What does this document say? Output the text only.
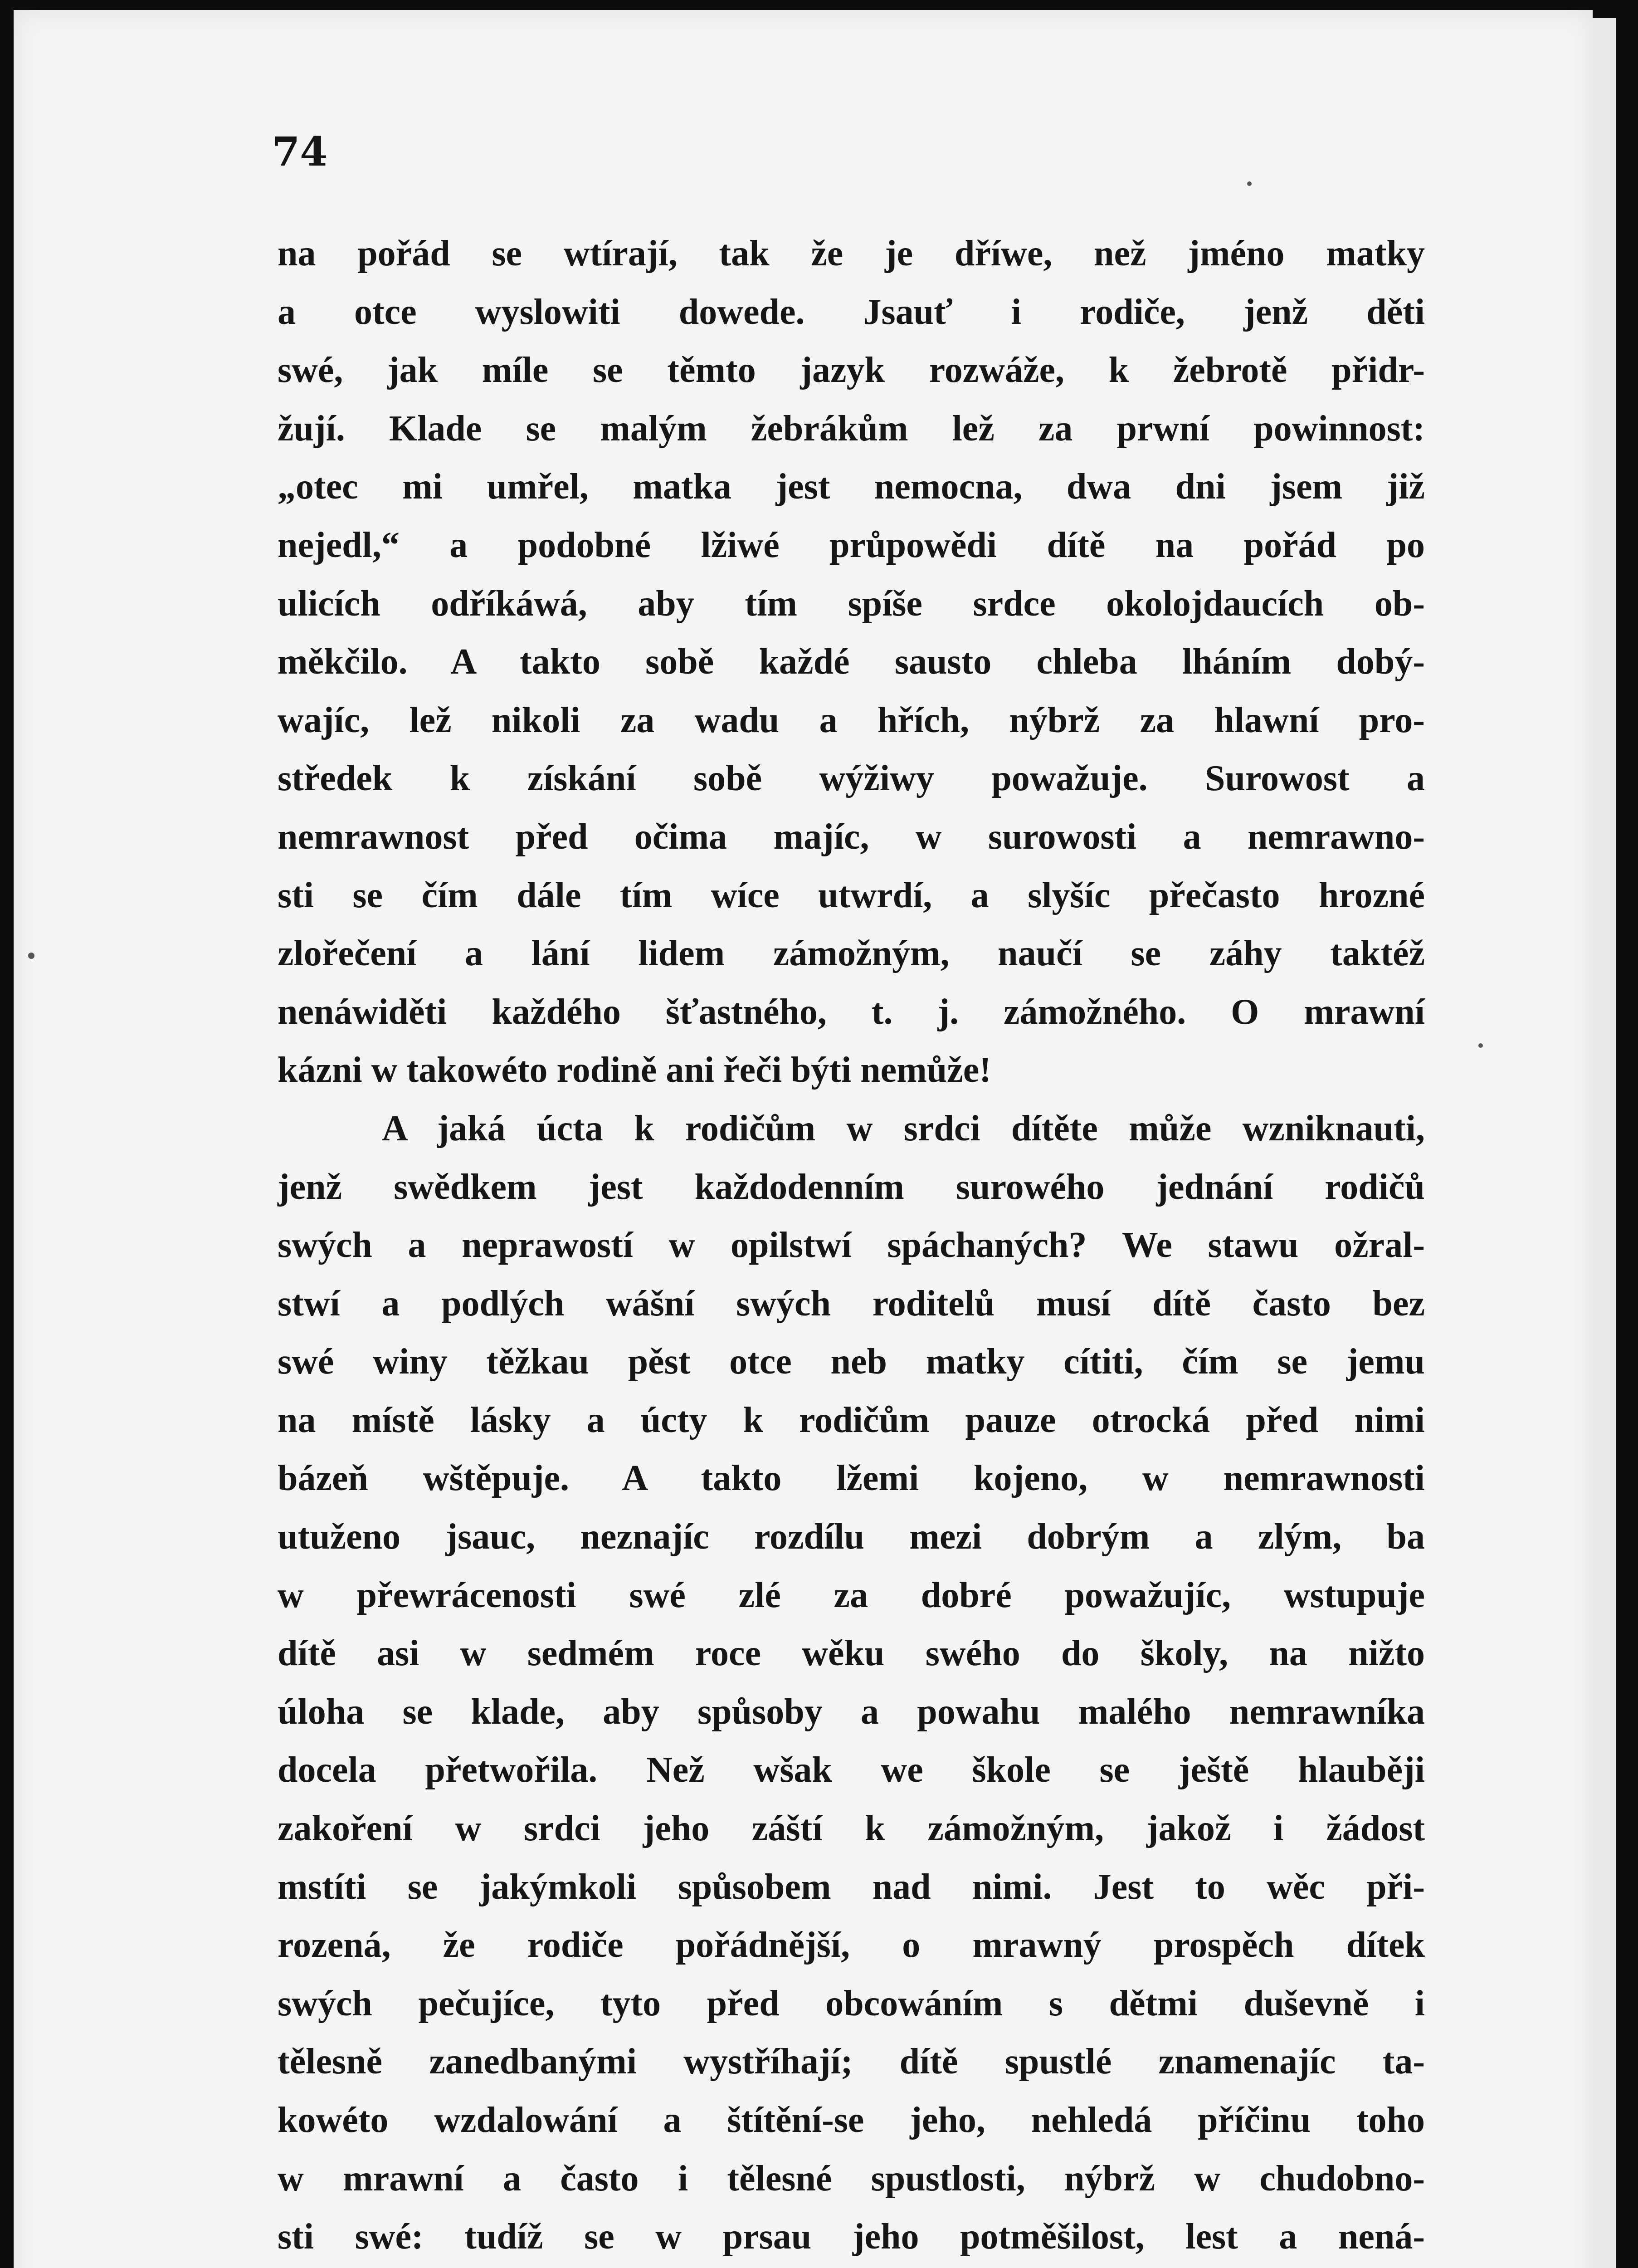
74
na pořád se wtírají, tak že je dříwe, než jméno matky
a otce wyslowiti dowede. Jsauť i rodiče, jenž děti
swé, jak míle se těmto jazyk rozwáže, k žebrotě přidr-
žují. Klade se malým žebrákům lež za prwní powinnost:
„otec mi umřel, matka jest nemocna, dwa dni jsem již
nejedl,“ a podobné lžiwé průpowědi dítě na pořád po
ulicích odříkáwá, aby tím spíše srdce okolojdaucích ob-
měkčilo. A takto sobě každé sausto chleba lháním dobý-
wajíc, lež nikoli za wadu a hřích, nýbrž za hlawní pro-
středek k získání sobě wýžiwy powažuje. Surowost a
nemrawnost před očima majíc, w surowosti a nemrawno-
sti se čím dále tím wíce utwrdí, a slyšíc přečasto hrozné
zlořečení a lání lidem zámožným, naučí se záhy taktéž
nenáwiděti každého šťastného, t. j. zámožného. O mrawní
kázni w takowéto rodině ani řeči býti nemůže!
A jaká úcta k rodičům w srdci dítěte může wzniknauti,
jenž swědkem jest každodenním surowého jednání rodičů
swých a neprawostí w opilstwí spáchaných? We stawu ožral-
stwí a podlých wášní swých roditelů musí dítě často bez
swé winy těžkau pěst otce neb matky cítiti, čím se jemu
na místě lásky a úcty k rodičům pauze otrocká před nimi
bázeň wštěpuje. A takto lžemi kojeno, w nemrawnosti
utuženo jsauc, neznajíc rozdílu mezi dobrým a zlým, ba
w přewrácenosti swé zlé za dobré powažujíc, wstupuje
dítě asi w sedmém roce wěku swého do školy, na nižto
úloha se klade, aby spůsoby a powahu malého nemrawníka
docela přetwořila. Než wšak we škole se ještě hlauběji
zakoření w srdci jeho záští k zámožným, jakož i žádost
mstíti se jakýmkoli spůsobem nad nimi. Jest to wěc při-
rozená, že rodiče pořádnější, o mrawný prospěch dítek
swých pečujíce, tyto před obcowáním s dětmi duševně i
tělesně zanedbanými wystříhají; dítě spustlé znamenajíc ta-
kowéto wzdalowání a štítění-se jeho, nehledá příčinu toho
w mrawní a často i tělesné spustlosti, nýbrž w chudobno-
sti swé: tudíž se w prsau jeho potměšilost, lest a nená-
